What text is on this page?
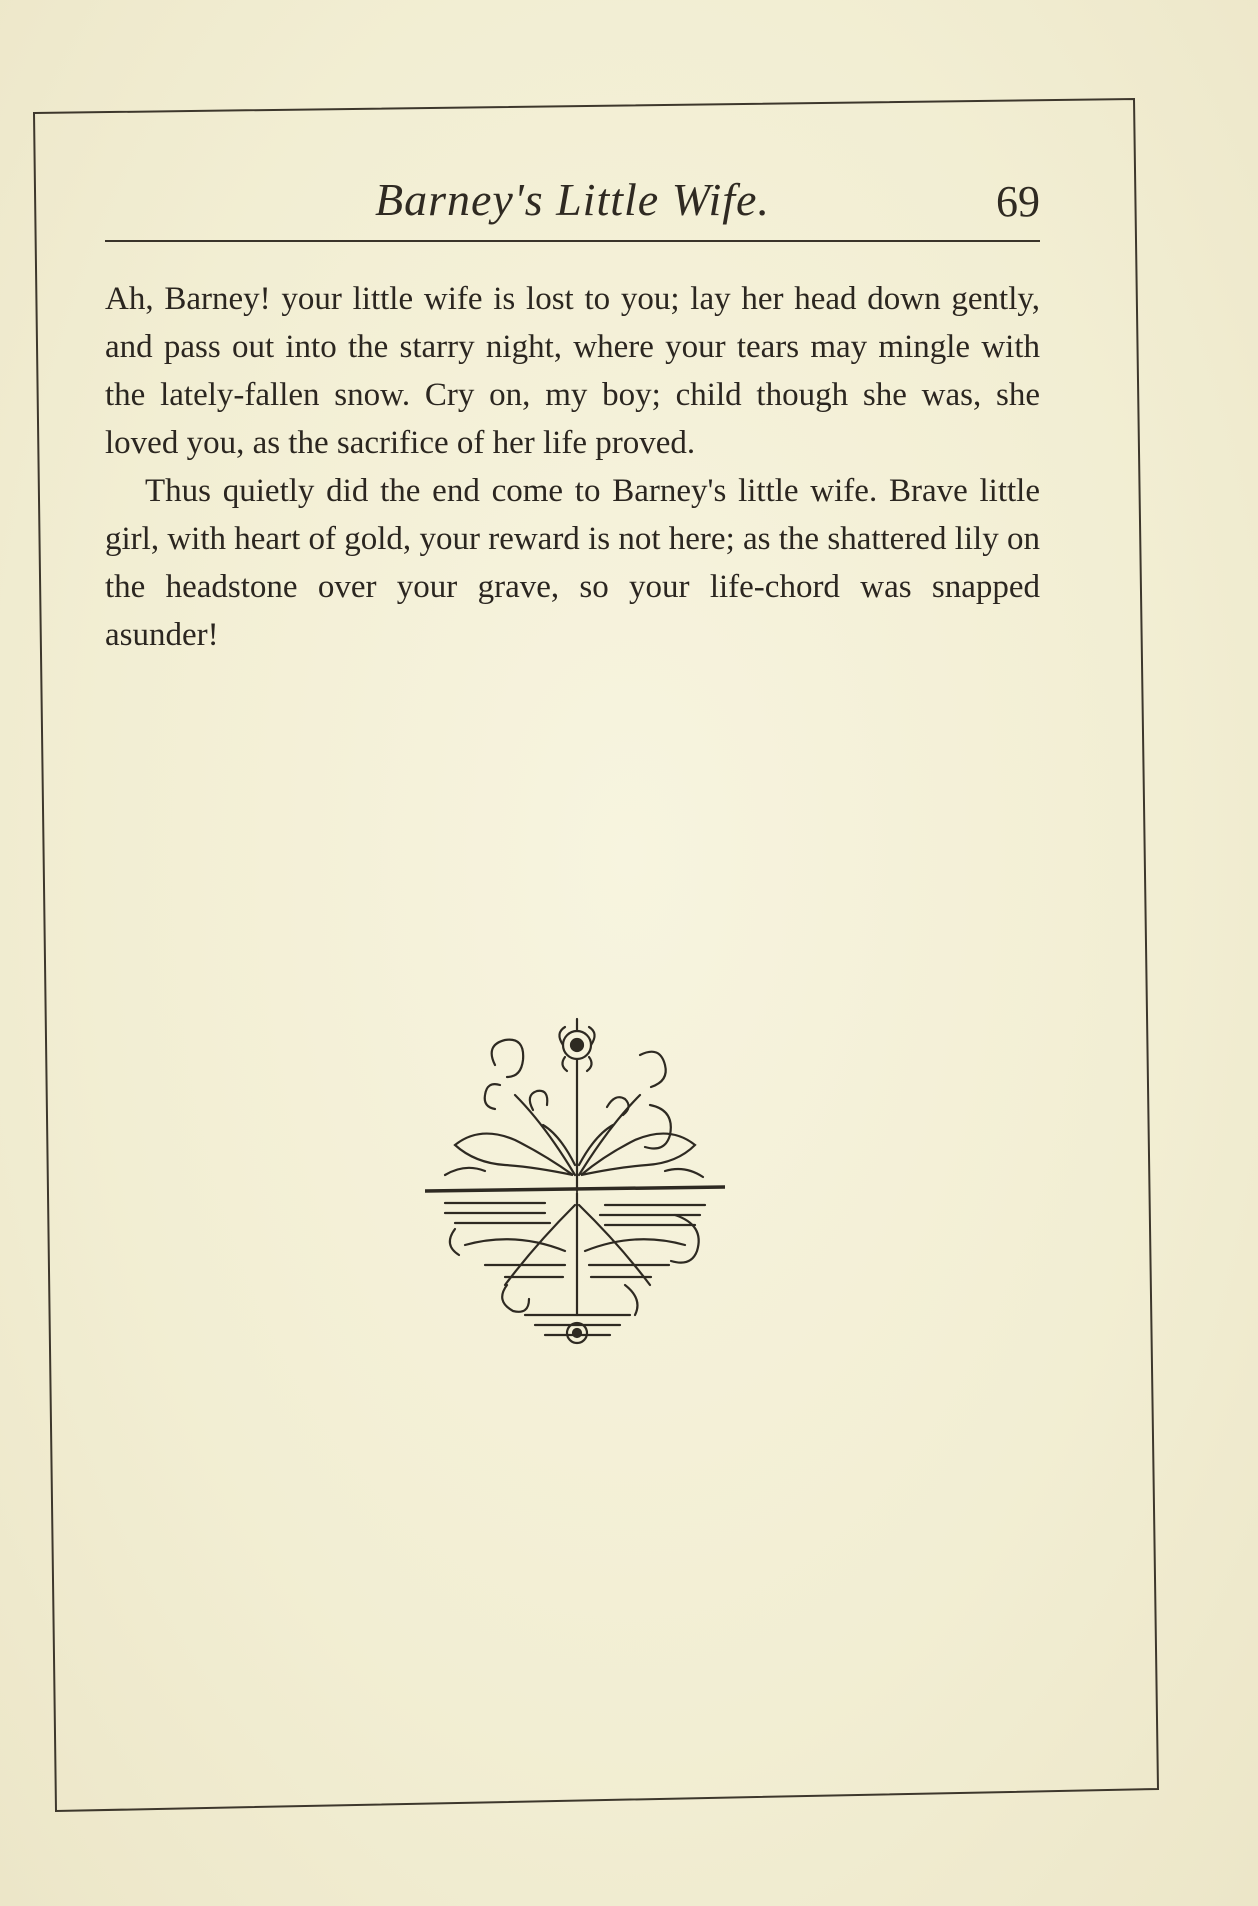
Barney's Little Wife.	69

Ah, Barney! your little wife is lost to you; lay her head down gently, and pass out into the starry night, where your tears may mingle with the lately-fallen snow. Cry on, my boy; child though she was, she loved you, as the sacrifice of her life proved.

Thus quietly did the end come to Barney's little wife. Brave little girl, with heart of gold, your reward is not here; as the shattered lily on the headstone over your grave, so your life-chord was snapped asunder!
